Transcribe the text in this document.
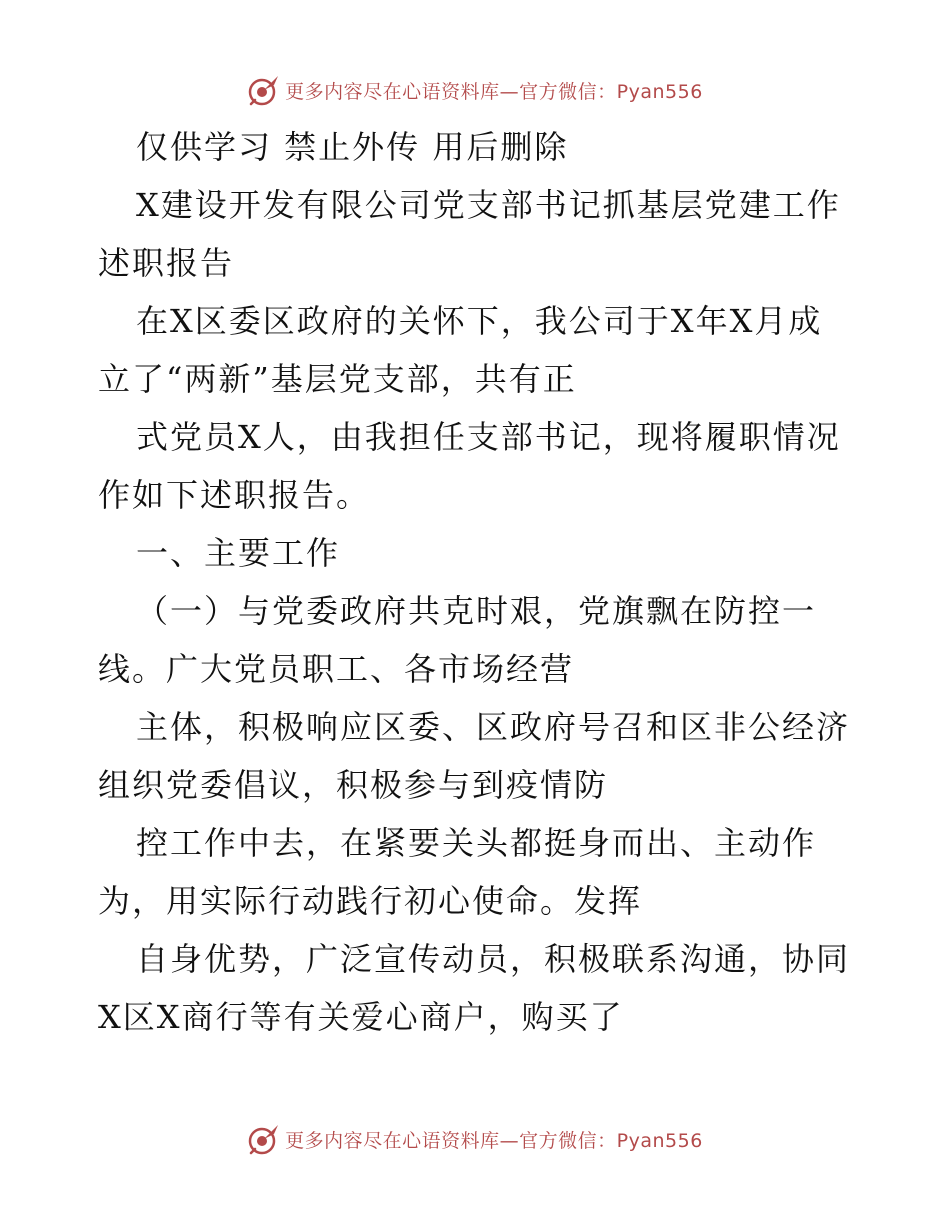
更多内容尽在心语资料库—官方微信：Pyan556
仅供学习 禁止外传 用后删除
X建设开发有限公司党支部书记抓基层党建工作
述职报告
在X区委区政府的关怀下，我公司于X年X月成
立了“两新”基层党支部，共有正
式党员X人，由我担任支部书记，现将履职情况
作如下述职报告。
一、主要工作
（一）与党委政府共克时艰，党旗飘在防控一
线。广大党员职工、各市场经营
主体，积极响应区委、区政府号召和区非公经济
组织党委倡议，积极参与到疫情防
控工作中去，在紧要关头都挺身而出、主动作
为，用实际行动践行初心使命。发挥
自身优势，广泛宣传动员，积极联系沟通，协同
X区X商行等有关爱心商户，购买了
更多内容尽在心语资料库—官方微信：Pyan556
